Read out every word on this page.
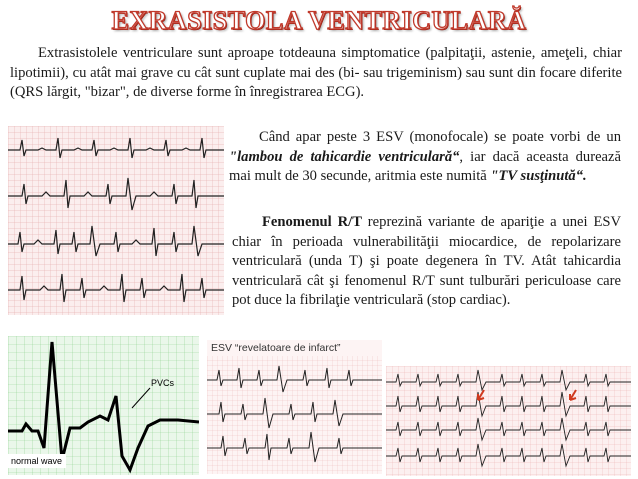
EXRASISTOLA VENTRICULARĂ
Extrasistolele ventriculare sunt aproape totdeauna simptomatice (palpitaţii, astenie, ameţeli, chiar lipotimii), cu atât mai grave cu cât sunt cuplate mai des (bi- sau trigeminism) sau sunt din focare diferite (QRS lărgit, "bizar", de diverse forme în înregistrarea ECG).
Când apar peste 3 ESV (monofocale) se poate vorbi de un "lambou de tahicardie ventriculară“, iar dacă aceasta durează mai mult de 30 secunde, aritmia este numită "TV susţinută“.
Fenomenul R/T reprezină variante de apariţie a unei ESV chiar în perioada vulnerabilităţii miocardice, de repolarizare ventriculară (unda T) şi poate degenera în TV. Atât tahicardia ventriculară cât şi fenomenul R/T sunt tulburări periculoase care pot duce la fibrilaţie ventriculară (stop cardiac).
PVCs
normal wave
ESV “revelatoare de infarct”
